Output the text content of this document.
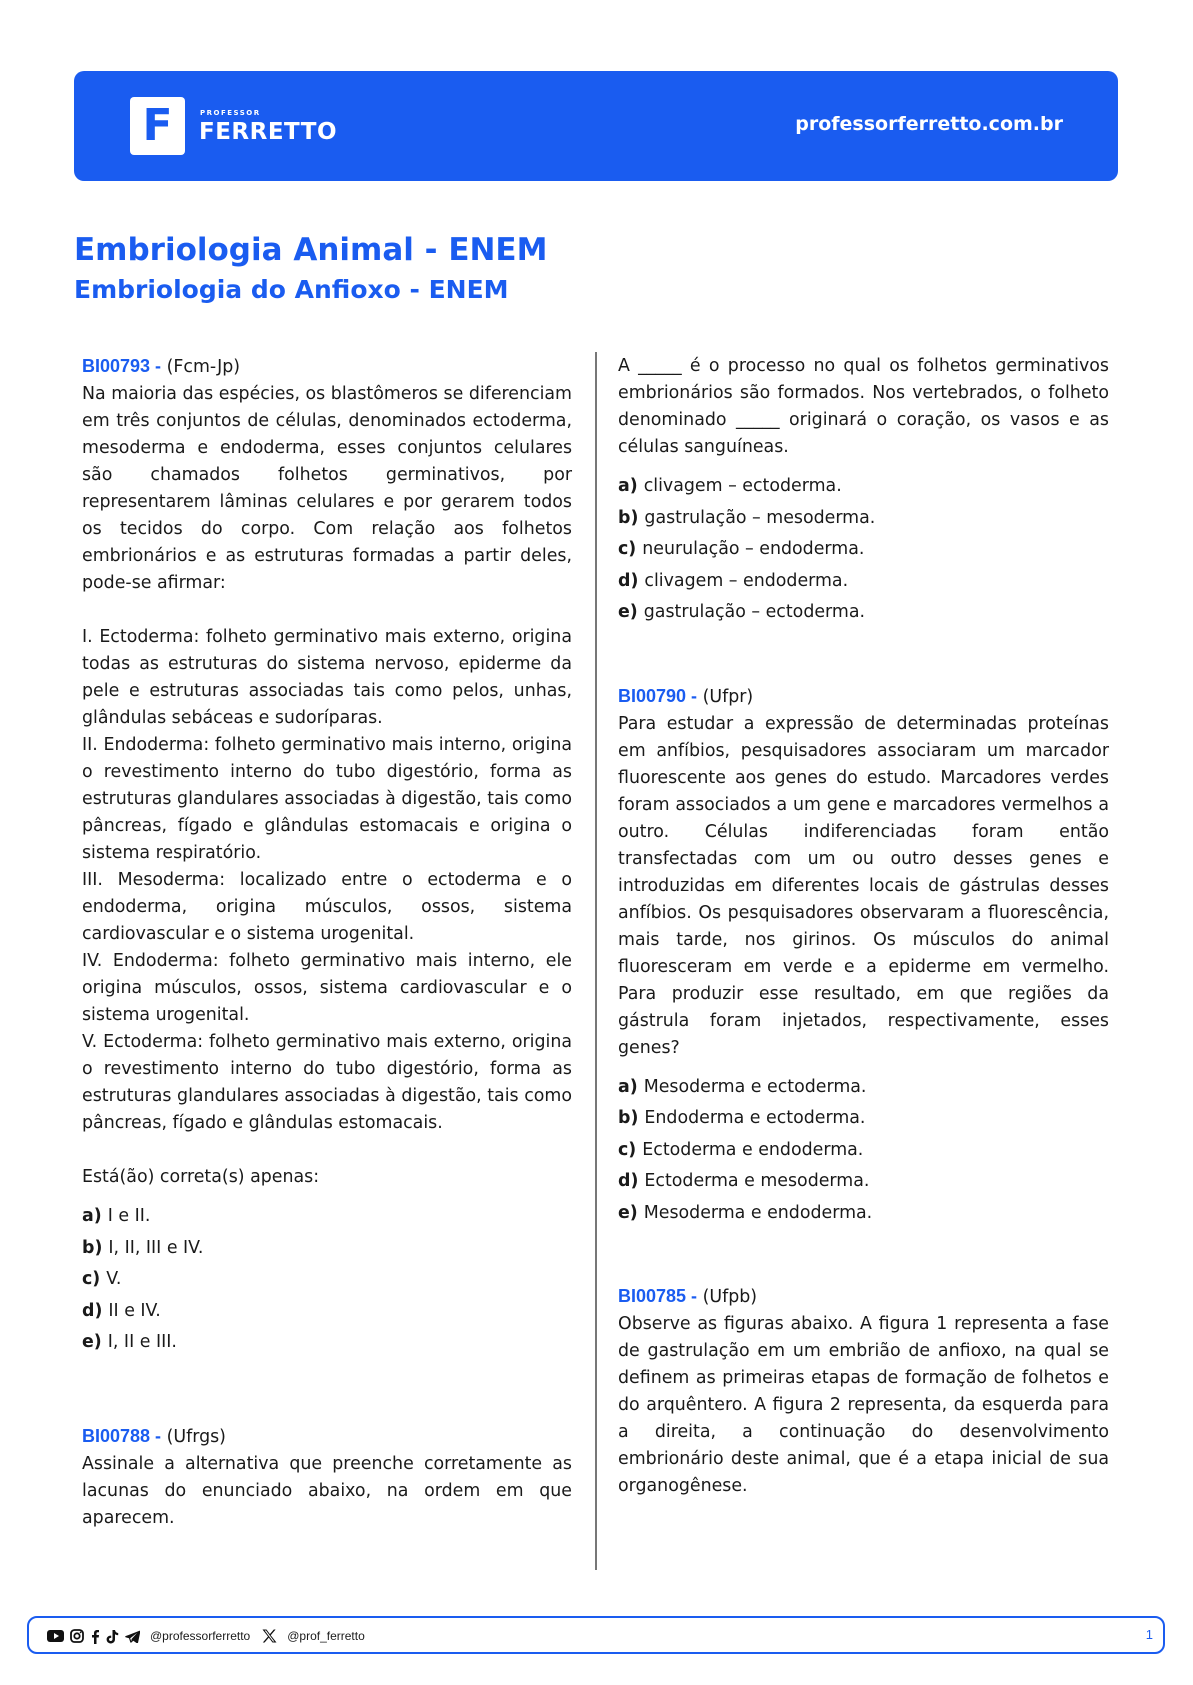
F	PROFESSOR
FERRETTO	professorferretto.com.br
Embriologia Animal - ENEM
Embriologia do Anfioxo - ENEM

BI00793 - (Fcm-Jp)

Na maioria das espécies, os blastômeros se diferenciam em três conjuntos de células, denominados ectoderma, mesoderma e endoderma, esses conjuntos celulares são chamados folhetos germinativos, por representarem lâminas celulares e por gerarem todos os tecidos do corpo. Com relação aos folhetos embrionários e as estruturas formadas a partir deles, pode-se afirmar:

I. Ectoderma: folheto germinativo mais externo, origina todas as estruturas do sistema nervoso, epiderme da pele e estruturas associadas tais como pelos, unhas, glândulas sebáceas e sudoríparas.

II. Endoderma: folheto germinativo mais interno, origina o revestimento interno do tubo digestório, forma as estruturas glandulares associadas à digestão, tais como pâncreas, fígado e glândulas estomacais e origina o sistema respiratório.

III. Mesoderma: localizado entre o ectoderma e o endoderma, origina músculos, ossos, sistema cardiovascular e o sistema urogenital.

IV. Endoderma: folheto germinativo mais interno, ele origina músculos, ossos, sistema cardiovascular e o sistema urogenital.

V. Ectoderma: folheto germinativo mais externo, origina o revestimento interno do tubo digestório, forma as estruturas glandulares associadas à digestão, tais como pâncreas, fígado e glândulas estomacais.

Está(ão) correta(s) apenas:

a) I e II.
b) I, II, III e IV.
c) V.
d) II e IV.
e) I, II e III.

BI00788 - (Ufrgs)

Assinale a alternativa que preenche corretamente as lacunas do enunciado abaixo, na ordem em que aparecem.

A _____ é o processo no qual os folhetos germinativos embrionários são formados. Nos vertebrados, o folheto denominado _____ originará o coração, os vasos e as células sanguíneas.

a) clivagem – ectoderma.
b) gastrulação – mesoderma.
c) neurulação – endoderma.
d) clivagem – endoderma.
e) gastrulação – ectoderma.

BI00790 - (Ufpr)

Para estudar a expressão de determinadas proteínas em anfíbios, pesquisadores associaram um marcador fluorescente aos genes do estudo. Marcadores verdes foram associados a um gene e marcadores vermelhos a outro. Células indiferenciadas foram então transfectadas com um ou outro desses genes e introduzidas em diferentes locais de gástrulas desses anfíbios. Os pesquisadores observaram a fluorescência, mais tarde, nos girinos. Os músculos do animal fluoresceram em verde e a epiderme em vermelho. Para produzir esse resultado, em que regiões da gástrula foram injetados, respectivamente, esses genes?

a) Mesoderma e ectoderma.
b) Endoderma e ectoderma.
c) Ectoderma e endoderma.
d) Ectoderma e mesoderma.
e) Mesoderma e endoderma.

BI00785 - (Ufpb)

Observe as figuras abaixo. A figura 1 representa a fase de gastrulação em um embrião de anfioxo, na qual se definem as primeiras etapas de formação de folhetos e do arquêntero. A figura 2 representa, da esquerda para a direita, a continuação do desenvolvimento embrionário deste animal, que é a etapa inicial de sua organogênese.

@professorferretto	@prof_ferretto	1
